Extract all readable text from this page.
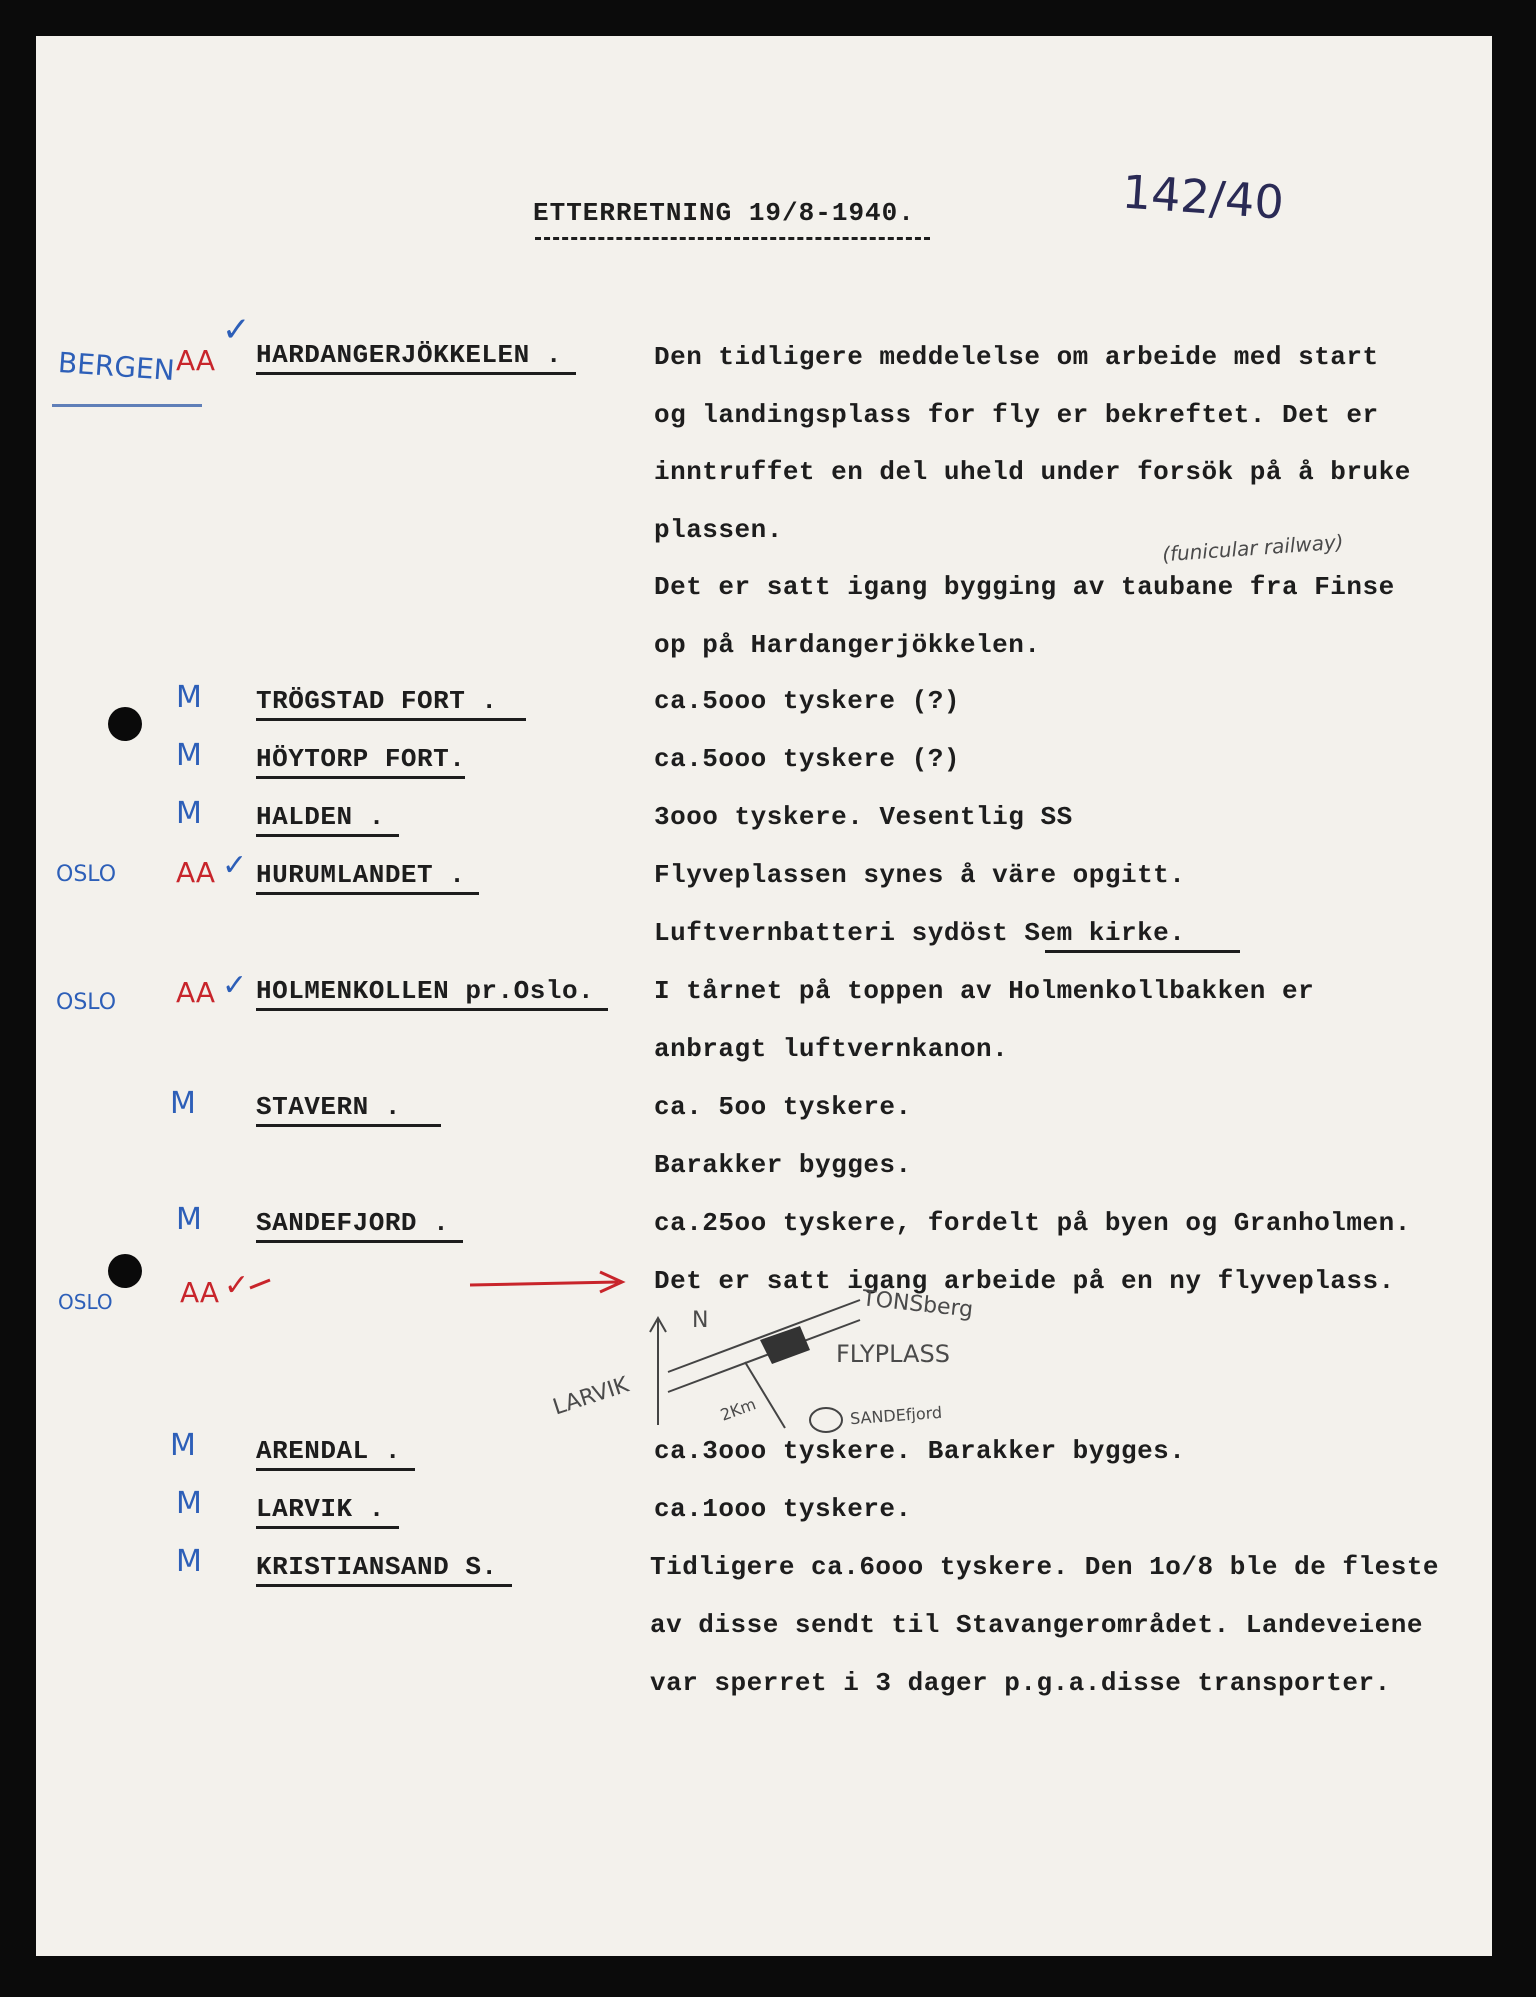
ETTERRETNING 19/8-1940.	142/40
BERGEN AA
✓
HARDANGERJÖKKELEN .	Den tidligere meddelelse om arbeide med start
og landingsplass for fly er bekreftet. Det er
inntruffet en del uheld under forsök på å bruke
plassen.	(funicular railway)
Det er satt igang bygging av taubane fra Finse
op på Hardangerjökkelen.
M TRÖGSTAD FORT .	ca.5ooo tyskere (?)
M HÖYTORP FORT.	ca.5ooo tyskere (?)
M HALDEN .	3ooo tyskere. Vesentlig SS
OSLO AA ✓ HURUMLANDET .	Flyveplassen synes å väre opgitt.
Luftvernbatteri sydöst Sem kirke.
OSLO AA ✓ HOLMENKOLLEN pr.Oslo.	I tårnet på toppen av Holmenkollbakken er
anbragt luftvernkanon.
M STAVERN .	ca. 5oo tyskere.
Barakker bygges.
M SANDEFJORD .	ca.25oo tyskere, fordelt på byen og Granholmen.
OSLO AA ✓	Det er satt igang arbeide på en ny flyveplass.
N
LARVIK
TONSberg
FLYPLASS
2Km	SANDEfjord
M ARENDAL .	ca.3ooo tyskere. Barakker bygges.
M LARVIK .	ca.1ooo tyskere.
M KRISTIANSAND S.	Tidligere ca.6ooo tyskere. Den 1o/8 ble de fleste
av disse sendt til Stavangerområdet. Landeveiene
var sperret i 3 dager p.g.a.disse transporter.
